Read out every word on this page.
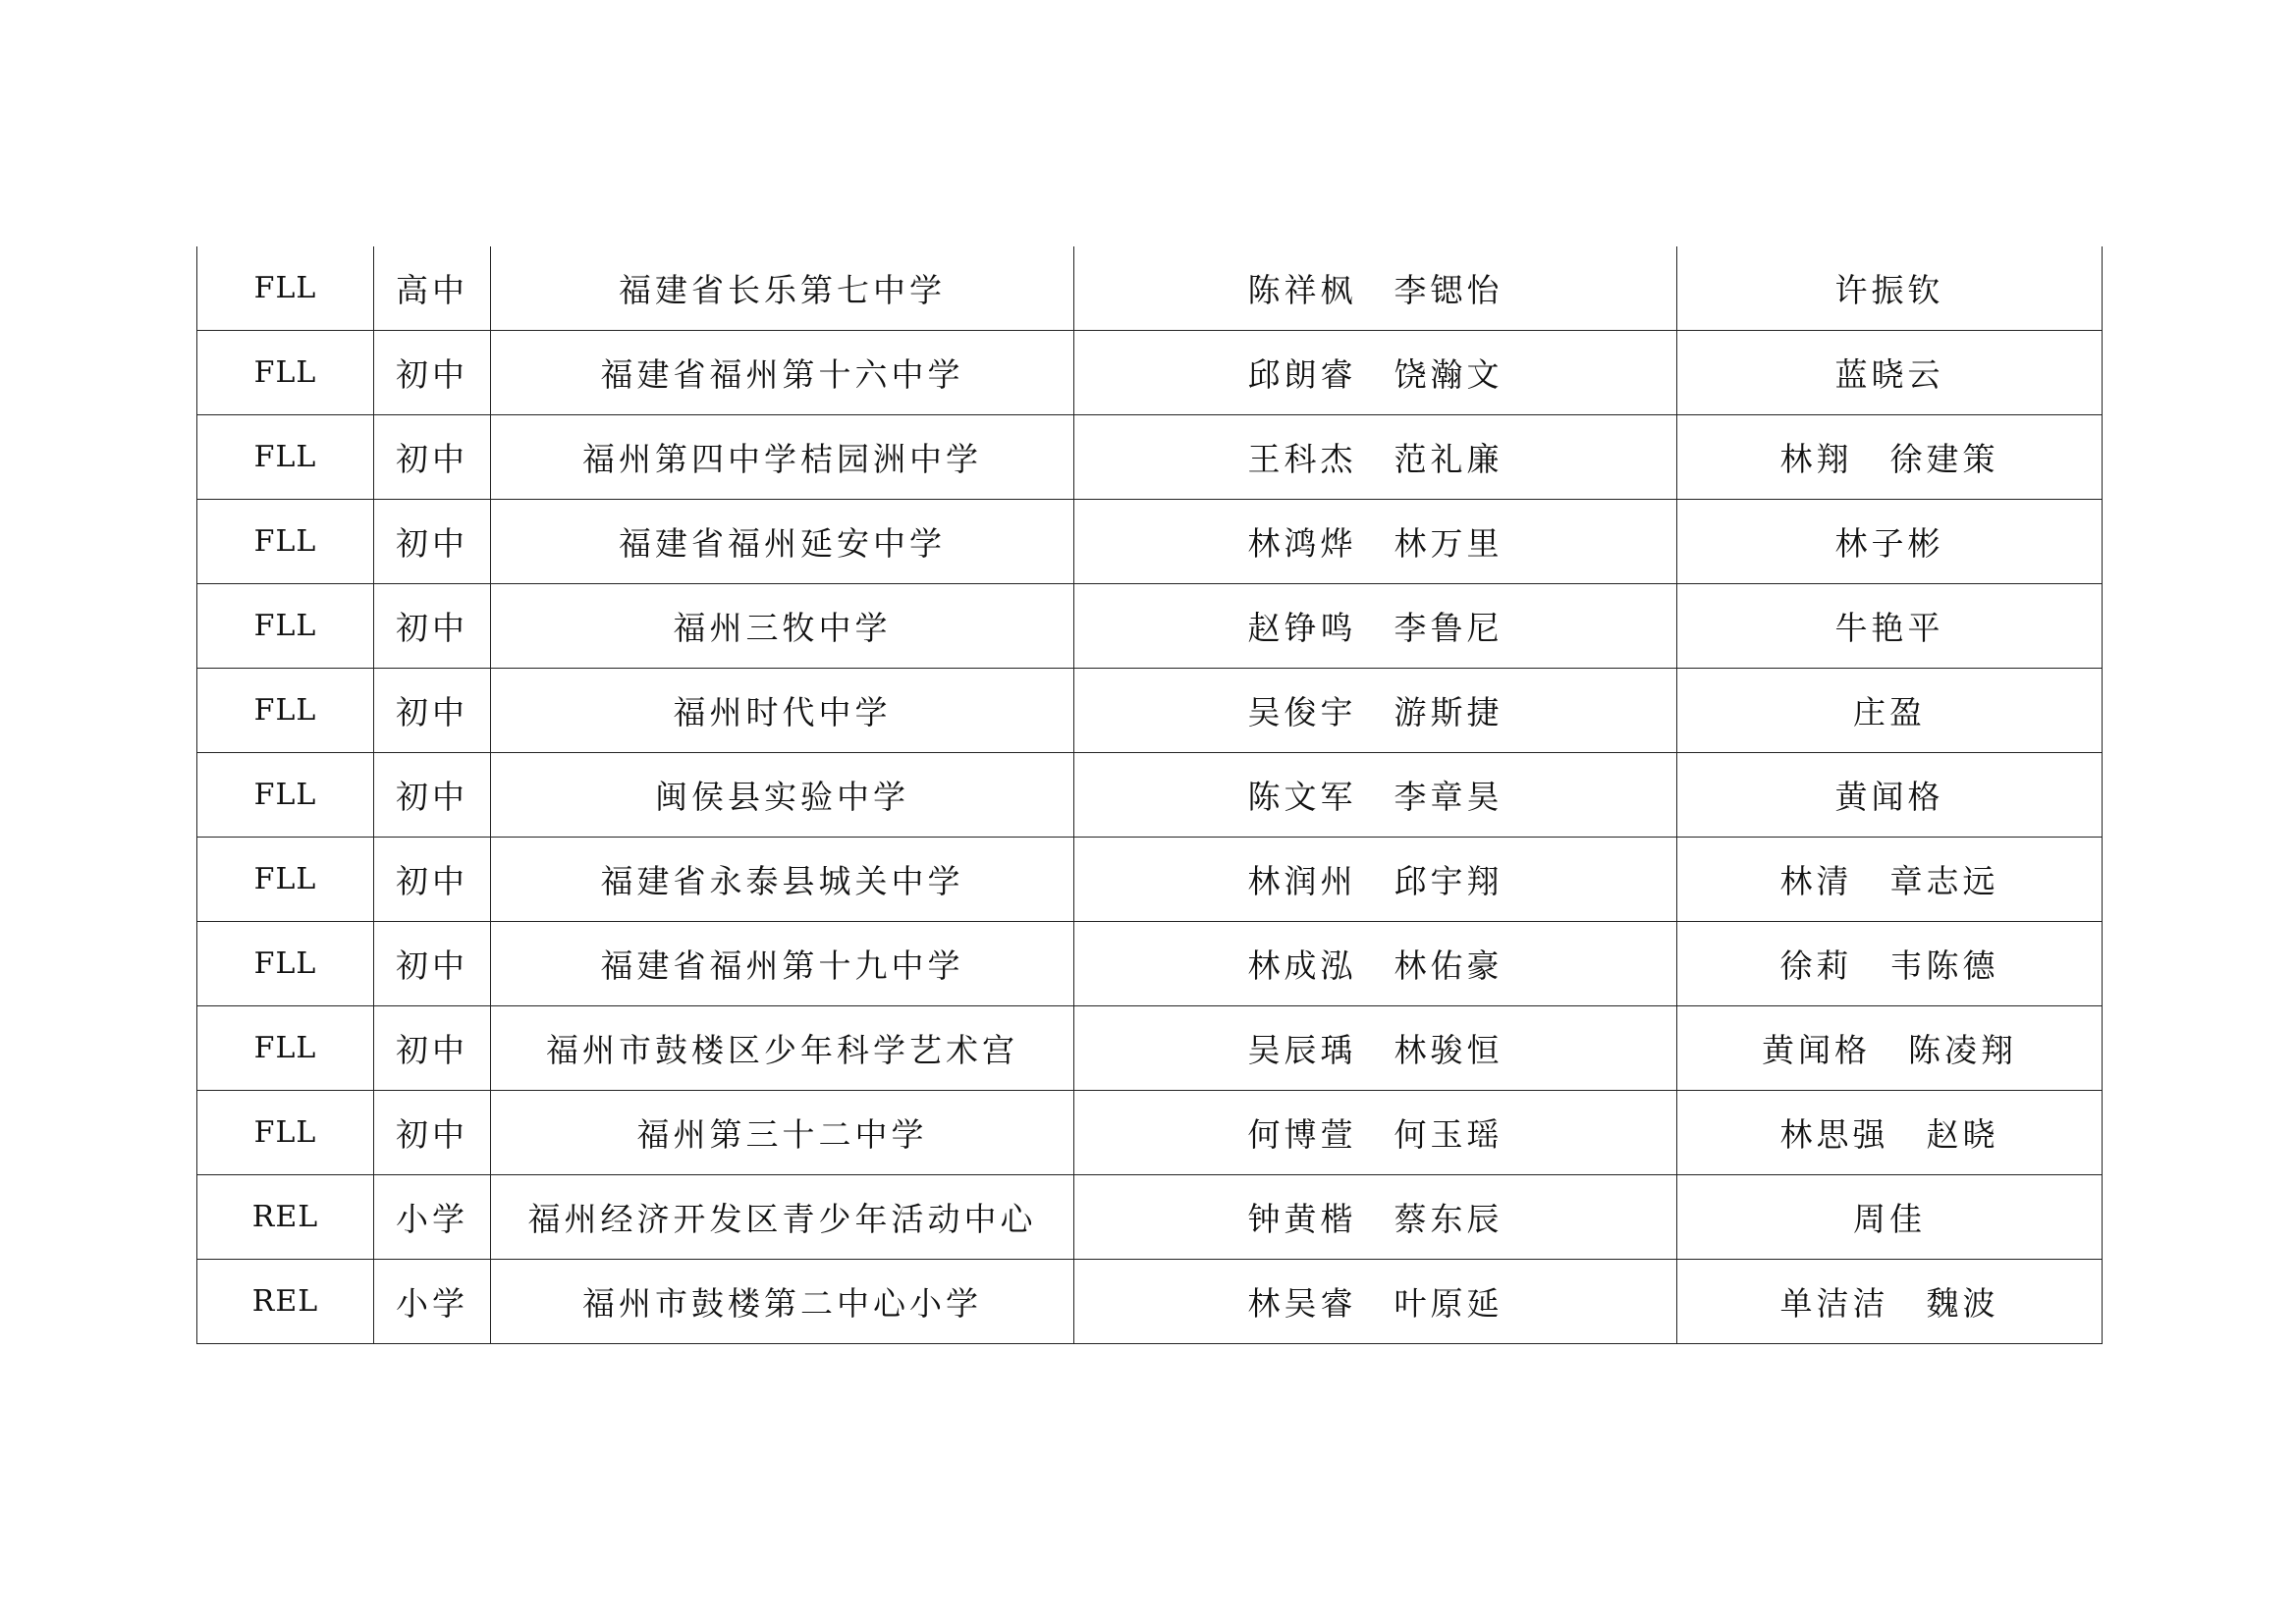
FLL	高中	福建省长乐第七中学	陈祥枫 李锶怡	许振钦
FLL	初中	福建省福州第十六中学	邱朗睿 饶瀚文	蓝晓云
FLL	初中	福州第四中学桔园洲中学	王科杰 范礼廉	林翔 徐建策
FLL	初中	福建省福州延安中学	林鸿烨 林万里	林子彬
FLL	初中	福州三牧中学	赵铮鸣 李鲁尼	牛艳平
FLL	初中	福州时代中学	吴俊宇 游斯捷	庄盈
FLL	初中	闽侯县实验中学	陈文军 李章昊	黄闻格
FLL	初中	福建省永泰县城关中学	林润州 邱宇翔	林清 章志远
FLL	初中	福建省福州第十九中学	林成泓 林佑豪	徐莉 韦陈德
FLL	初中	福州市鼓楼区少年科学艺术宫	吴辰瑀 林骏恒	黄闻格 陈凌翔
FLL	初中	福州第三十二中学	何博萱 何玉瑶	林思强 赵晓
REL	小学	福州经济开发区青少年活动中心	钟黄楷 蔡东辰	周佳
REL	小学	福州市鼓楼第二中心小学	林吴睿 叶原延	单洁洁 魏波
